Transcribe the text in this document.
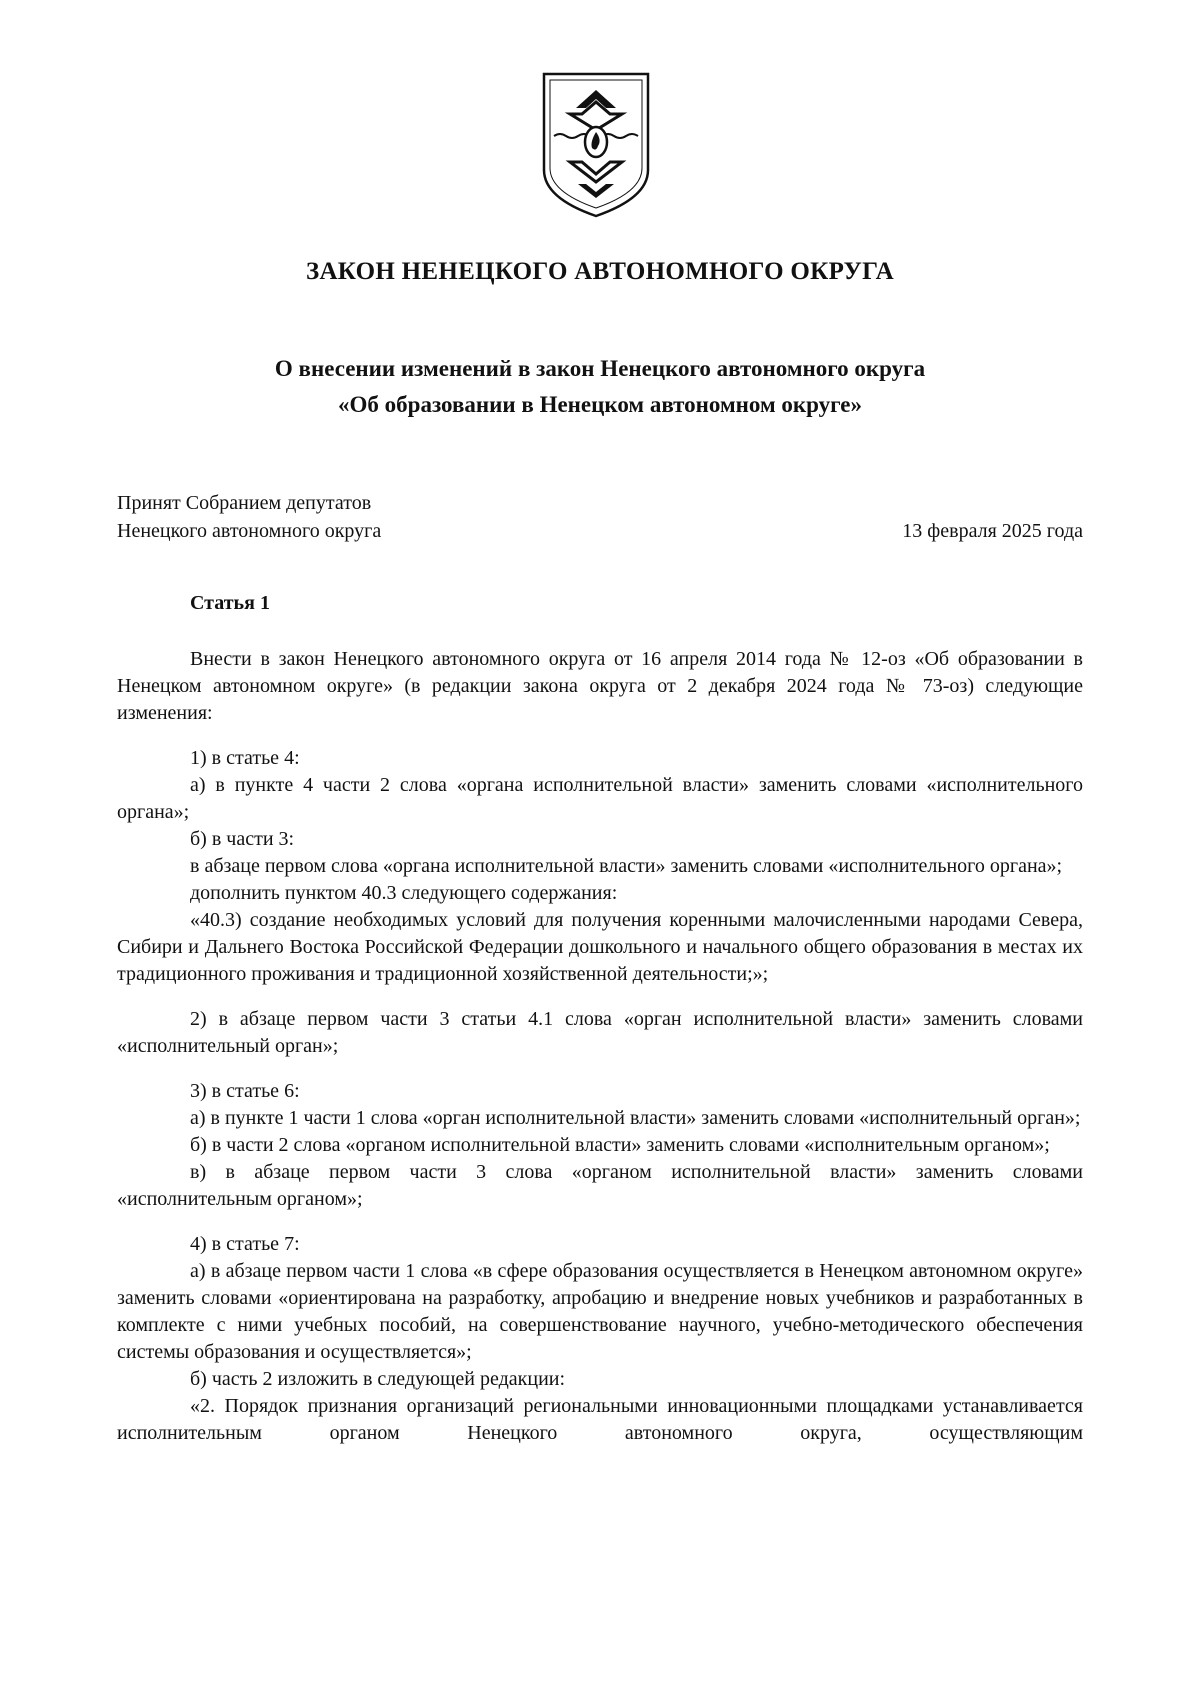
ЗАКОН НЕНЕЦКОГО АВТОНОМНОГО ОКРУГА
О внесении изменений в закон Ненецкого автономного округа
«Об образовании в Ненецком автономном округе»
Принят Собранием депутатов
Ненецкого автономного округа	13 февраля 2025 года
Статья 1

Внести в закон Ненецкого автономного округа от 16 апреля 2014 года № 12-оз «Об образовании в Ненецком автономном округе» (в редакции закона округа от 2 декабря 2024 года № 73-оз) следующие изменения:

1) в статье 4:

а) в пункте 4 части 2 слова «органа исполнительной власти» заменить словами «исполнительного органа»;

б) в части 3:

в абзаце первом слова «органа исполнительной власти» заменить словами «исполнительного органа»;

дополнить пунктом 40.3 следующего содержания:

«40.3) создание необходимых условий для получения коренными малочисленными народами Севера, Сибири и Дальнего Востока Российской Федерации дошкольного и начального общего образования в местах их традиционного проживания и традиционной хозяйственной деятельности;»;

2) в абзаце первом части 3 статьи 4.1 слова «орган исполнительной власти» заменить словами «исполнительный орган»;

3) в статье 6:

а) в пункте 1 части 1 слова «орган исполнительной власти» заменить словами «исполнительный орган»;

б) в части 2 слова «органом исполнительной власти» заменить словами «исполнительным органом»;

в) в абзаце первом части 3 слова «органом исполнительной власти» заменить словами «исполнительным органом»;

4) в статье 7:

а) в абзаце первом части 1 слова «в сфере образования осуществляется в Ненецком автономном округе» заменить словами «ориентирована на разработку, апробацию и внедрение новых учебников и разработанных в комплекте с ними учебных пособий, на совершенствование научного, учебно-методического обеспечения системы образования и осуществляется»;

б) часть 2 изложить в следующей редакции:

«2. Порядок признания организаций региональными инновационными площадками устанавливается исполнительным органом Ненецкого автономного округа, осуществляющим
